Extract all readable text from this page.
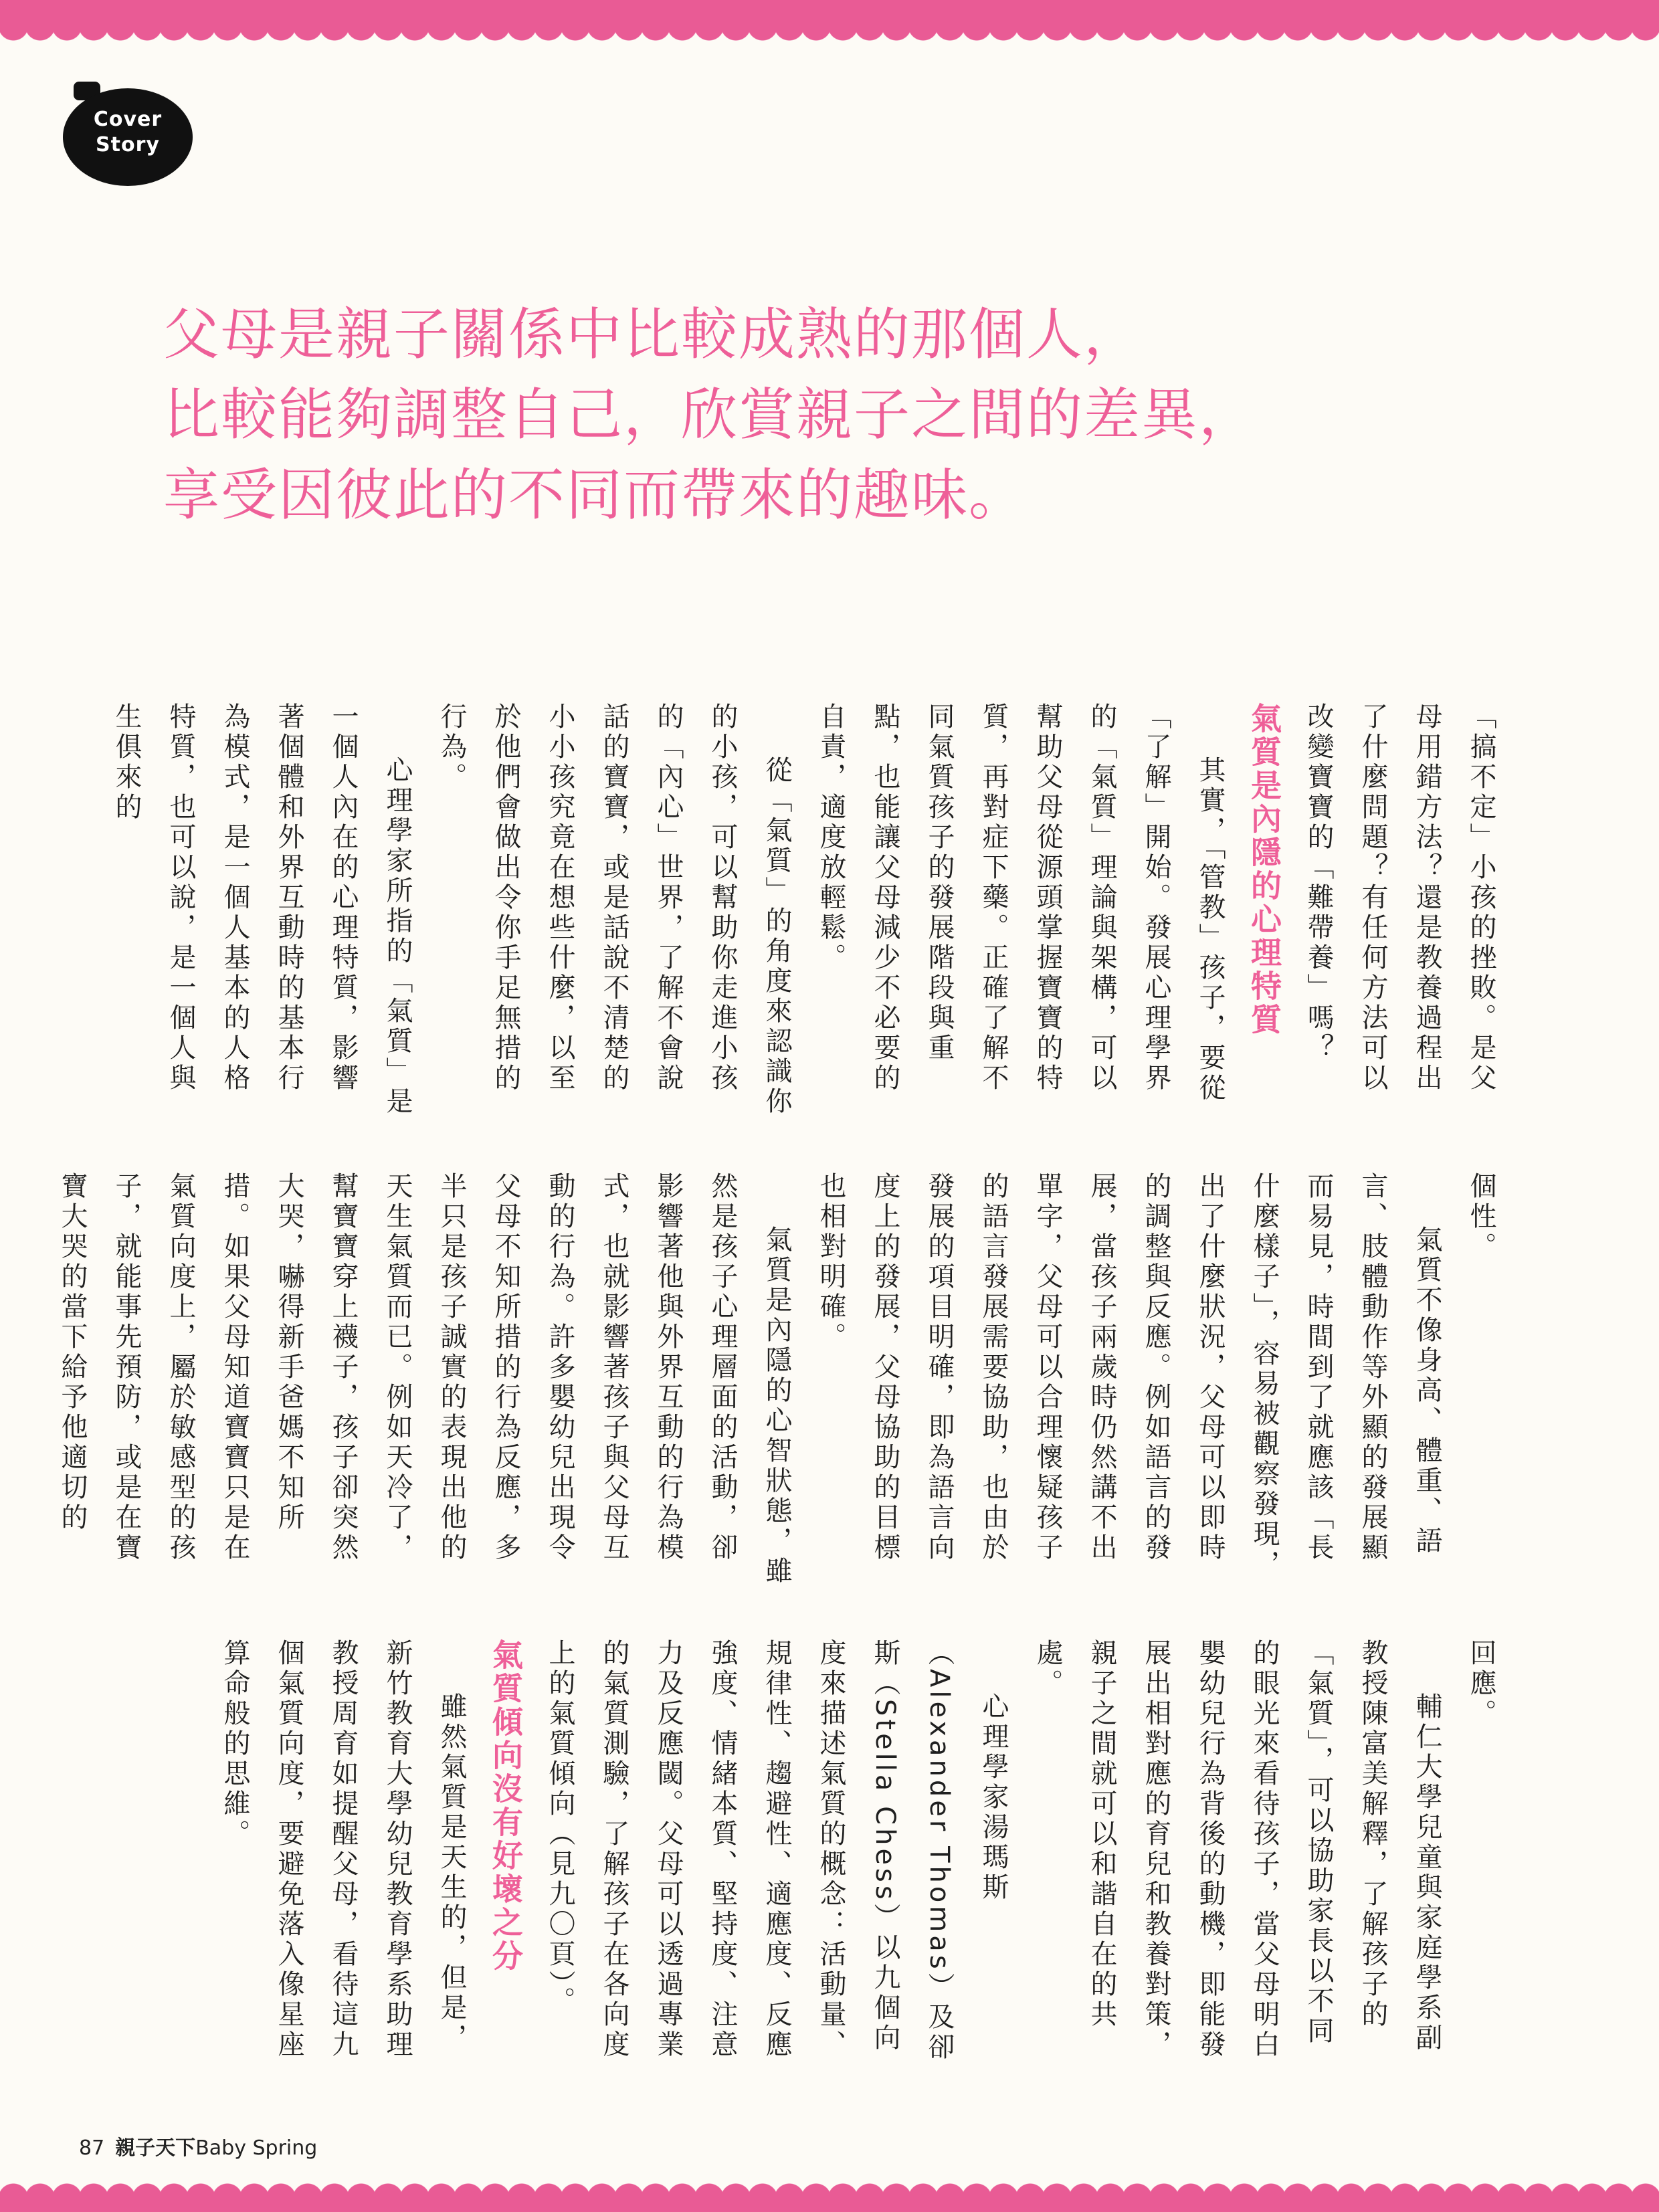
Cover
Story
父母是親子關係中比較成熟的那個人，
比較能夠調整自己，欣賞親子之間的差異，
享受因彼此的不同而帶來的趣味。

「搞不定」小孩的挫敗。是父母用錯方法？還是教養過程出了什麼問題？有任何方法可以改變寶寶的「難帶養」嗎？

氣質是內隱的心理特質

其實，「管教」孩子，要從「了解」開始。發展心理學界的「氣質」理論與架構，可以幫助父母從源頭掌握寶寶的特質，再對症下藥。正確了解不同氣質孩子的發展階段與重點，也能讓父母減少不必要的自責，適度放輕鬆。

從「氣質」的角度來認識你的小孩，可以幫助你走進小孩的「內心」世界，了解不會說話的寶寶，或是話說不清楚的小小孩究竟在想些什麼，以至於他們會做出令你手足無措的行為。

心理學家所指的「氣質」是一個人內在的心理特質，影響著個體和外界互動時的基本行為模式，是一個人基本的人格特質，也可以說，是一個人與生俱來的

個性。

氣質不像身高、體重、語言、肢體動作等外顯的發展顯而易見，時間到了就應該「長什麼樣子」，容易被觀察發現，出了什麼狀況，父母可以即時的調整與反應。例如語言的發展，當孩子兩歲時仍然講不出單字，父母可以合理懷疑孩子的語言發展需要協助，也由於發展的項目明確，即為語言向度上的發展，父母協助的目標也相對明確。

氣質是內隱的心智狀態，雖然是孩子心理層面的活動，卻影響著他與外界互動的行為模式，也就影響著孩子與父母互動的行為。許多嬰幼兒出現令父母不知所措的行為反應，多半只是孩子誠實的表現出他的天生氣質而已。例如天冷了，幫寶寶穿上襪子，孩子卻突然大哭，嚇得新手爸媽不知所措。如果父母知道寶寶只是在氣質向度上，屬於敏感型的孩子，就能事先預防，或是在寶寶大哭的當下給予他適切的

回應。

輔仁大學兒童與家庭學系副教授陳富美解釋，了解孩子的「氣質」，可以協助家長以不同的眼光來看待孩子，當父母明白嬰幼兒行為背後的動機，即能發展出相對應的育兒和教養對策，親子之間就可以和諧自在的共處。

心理學家湯瑪斯（Alexander Thomas）及卻斯（Stella Chess）以九個向度來描述氣質的概念：活動量、規律性、趨避性、適應度、反應強度、情緒本質、堅持度、注意力及反應閾。父母可以透過專業的氣質測驗，了解孩子在各向度上的氣質傾向（見九〇頁）。

氣質傾向沒有好壞之分

雖然氣質是天生的，但是，新竹教育大學幼兒教育學系助理教授周育如提醒父母，看待這九個氣質向度，要避免落入像星座算命般的思維。

87 親子天下Baby Spring
